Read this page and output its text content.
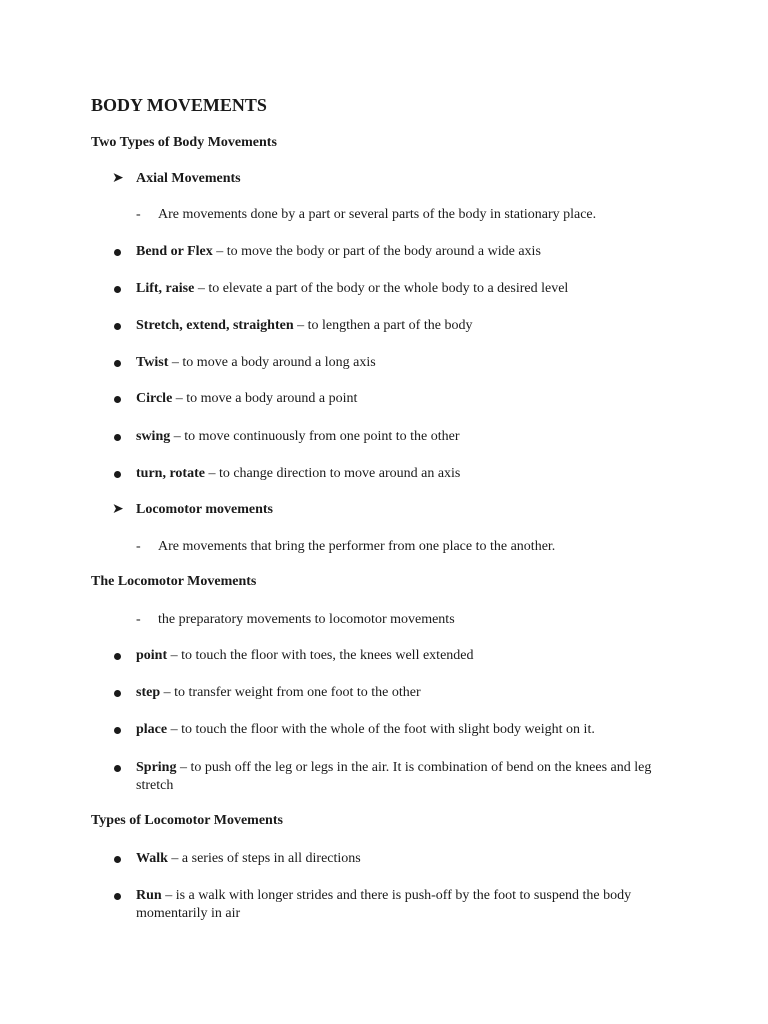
BODY MOVEMENTS
Two Types of Body Movements
➤ Axial Movements
- Are movements done by a part or several parts of the body in stationary place.
Bend or Flex – to move the body or part of the body around a wide axis
Lift, raise – to elevate a part of the body or the whole body to a desired level
Stretch, extend, straighten – to lengthen a part of the body
Twist – to move a body around a long axis
Circle – to move a body around a point
swing – to move continuously from one point to the other
turn, rotate – to change direction to move around an axis
➤ Locomotor movements
- Are movements that bring the performer from one place to the another.
The Locomotor Movements
- the preparatory movements to locomotor movements
point – to touch the floor with toes, the knees well extended
step – to transfer weight from one foot to the other
place – to touch the floor with the whole of the foot with slight body weight on it.
Spring – to push off the leg or legs in the air. It is combination of bend on the knees and leg stretch
Types of Locomotor Movements
Walk – a series of steps in all directions
Run – is a walk with longer strides and there is push-off by the foot to suspend the body momentarily in air
